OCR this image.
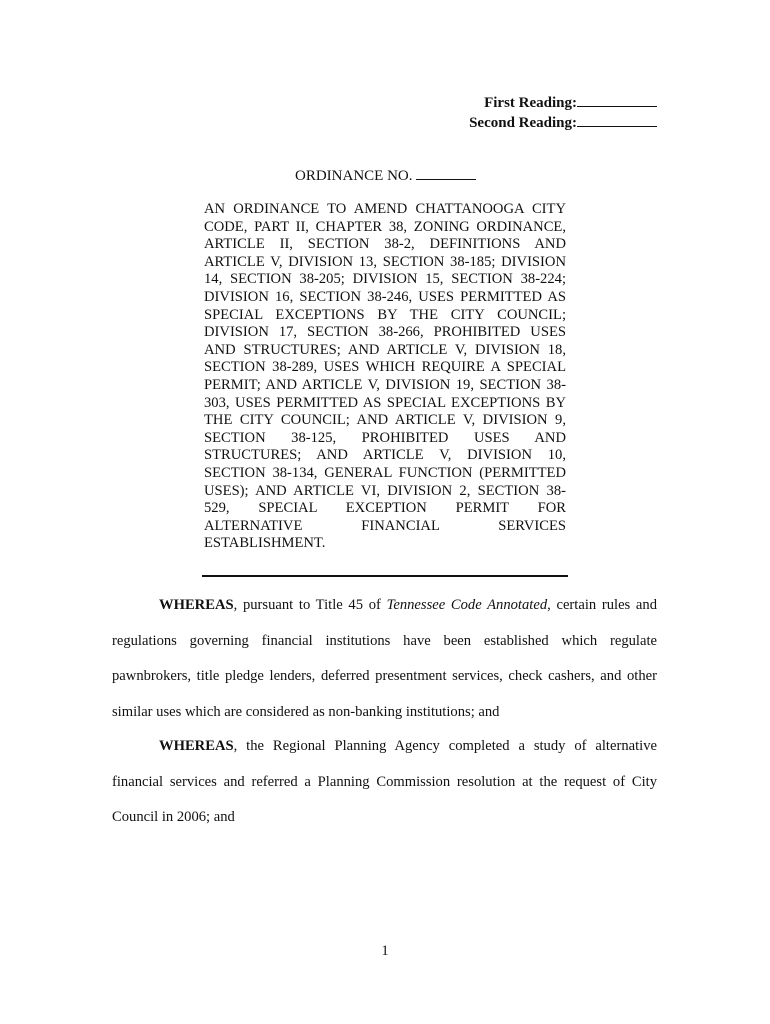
First Reading:
Second Reading:
ORDINANCE NO.
AN ORDINANCE TO AMEND CHATTANOOGA CITY CODE, PART II, CHAPTER 38, ZONING ORDINANCE, ARTICLE II, SECTION 38-2, DEFINITIONS AND ARTICLE V, DIVISION 13, SECTION 38-185; DIVISION 14, SECTION 38-205; DIVISION 15, SECTION 38-224; DIVISION 16, SECTION 38-246, USES PERMITTED AS SPECIAL EXCEPTIONS BY THE CITY COUNCIL; DIVISION 17, SECTION 38-266, PROHIBITED USES AND STRUCTURES; AND ARTICLE V, DIVISION 18, SECTION 38-289, USES WHICH REQUIRE A SPECIAL PERMIT; AND ARTICLE V, DIVISION 19, SECTION 38-303, USES PERMITTED AS SPECIAL EXCEPTIONS BY THE CITY COUNCIL; AND ARTICLE V, DIVISION 9, SECTION 38-125, PROHIBITED USES AND STRUCTURES; AND ARTICLE V, DIVISION 10, SECTION 38-134, GENERAL FUNCTION (PERMITTED USES); AND ARTICLE VI, DIVISION 2, SECTION 38-529, SPECIAL EXCEPTION PERMIT FOR ALTERNATIVE FINANCIAL SERVICES ESTABLISHMENT.

WHEREAS, pursuant to Title 45 of Tennessee Code Annotated, certain rules and regulations governing financial institutions have been established which regulate pawnbrokers, title pledge lenders, deferred presentment services, check cashers, and other similar uses which are considered as non-banking institutions; and

WHEREAS, the Regional Planning Agency completed a study of alternative financial services and referred a Planning Commission resolution at the request of City Council in 2006; and

1
